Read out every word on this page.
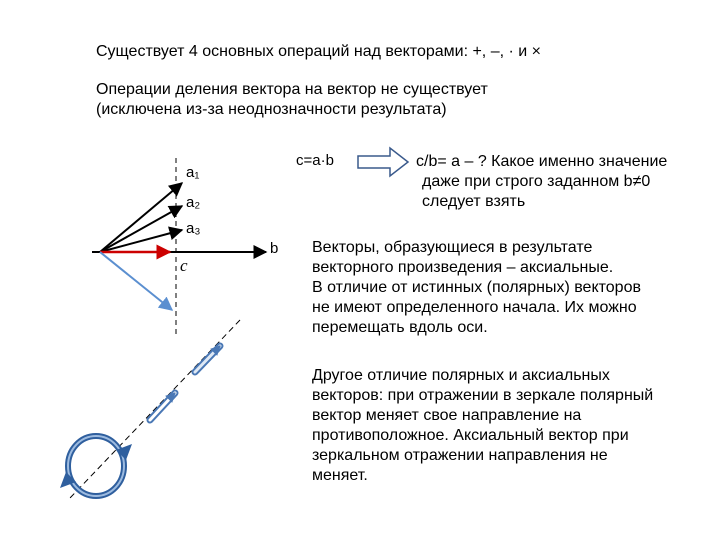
Существует 4 основных операций над векторами: +, –, · и ×

Операции деления вектора на вектор не существует

(исключена из-за неоднозначности результата)

a₁
a₂
a₃
c
b
c=a·b	c/b= a – ? Какое именно значение
даже при строго заданном b≠0
следует взять
Векторы, образующиеся в результате
векторного произведения – аксиальные.
В отличие от истинных (полярных) векторов
не имеют определенного начала. Их можно
перемещать вдоль оси.
Другое отличие полярных и аксиальных
векторов: при отражении в зеркале полярный
вектор меняет свое направление на
противоположное. Аксиальный вектор при
зеркальном отражении направления не
меняет.
